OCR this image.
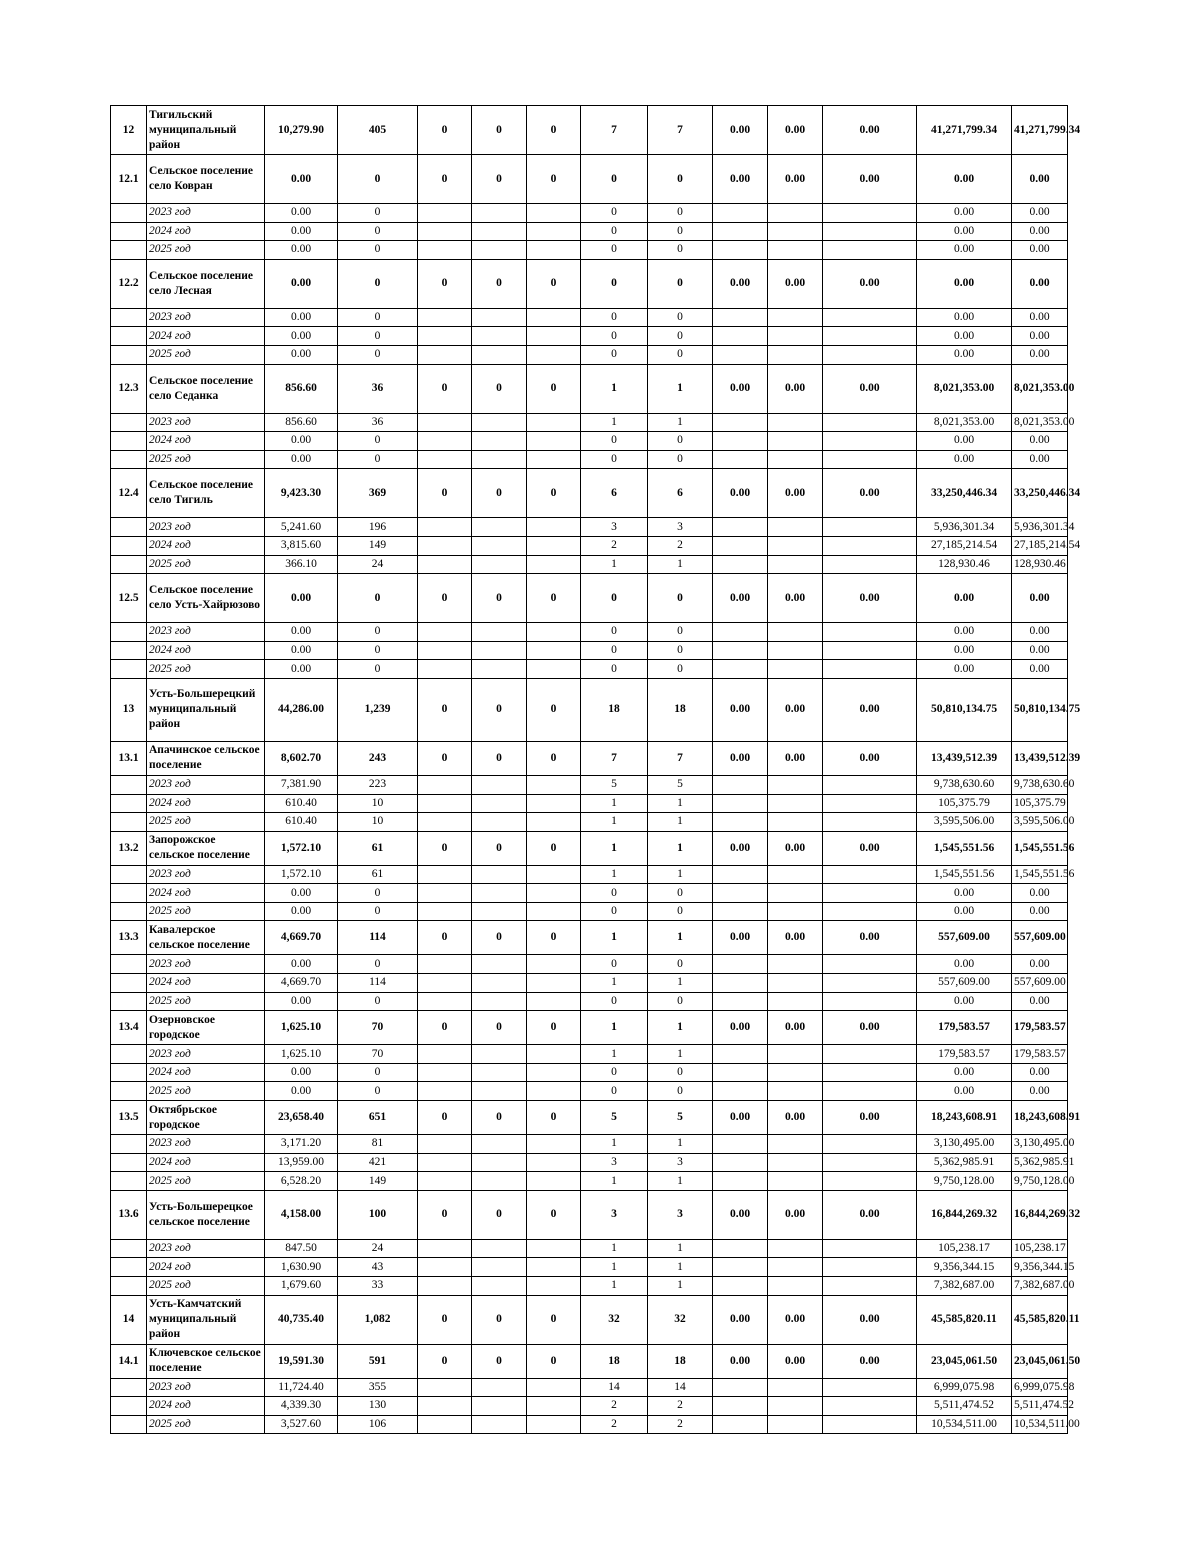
12	Тигильский муниципальный район	10,279.90	405	0	0	0	7	7	0.00	0.00	0.00	41,271,799.34	41,271,799.34
12.1	Сельское поселение село Ковран	0.00	0	0	0	0	0	0	0.00	0.00	0.00	0.00	0.00
	2023 год	0.00	0				0	0				0.00	0.00
	2024 год	0.00	0				0	0				0.00	0.00
	2025 год	0.00	0				0	0				0.00	0.00
12.2	Сельское поселение село Лесная	0.00	0	0	0	0	0	0	0.00	0.00	0.00	0.00	0.00
	2023 год	0.00	0				0	0				0.00	0.00
	2024 год	0.00	0				0	0				0.00	0.00
	2025 год	0.00	0				0	0				0.00	0.00
12.3	Сельское поселение село Седанка	856.60	36	0	0	0	1	1	0.00	0.00	0.00	8,021,353.00	8,021,353.00
	2023 год	856.60	36				1	1				8,021,353.00	8,021,353.00
	2024 год	0.00	0				0	0				0.00	0.00
	2025 год	0.00	0				0	0				0.00	0.00
12.4	Сельское поселение село Тигиль	9,423.30	369	0	0	0	6	6	0.00	0.00	0.00	33,250,446.34	33,250,446.34
	2023 год	5,241.60	196				3	3				5,936,301.34	5,936,301.34
	2024 год	3,815.60	149				2	2				27,185,214.54	27,185,214.54
	2025 год	366.10	24				1	1				128,930.46	128,930.46
12.5	Сельское поселение село Усть-Хайрюзово	0.00	0	0	0	0	0	0	0.00	0.00	0.00	0.00	0.00
	2023 год	0.00	0				0	0				0.00	0.00
	2024 год	0.00	0				0	0				0.00	0.00
	2025 год	0.00	0				0	0				0.00	0.00
13	Усть-Большерецкий муниципальный район	44,286.00	1,239	0	0	0	18	18	0.00	0.00	0.00	50,810,134.75	50,810,134.75
13.1	Апачинское сельское поселение	8,602.70	243	0	0	0	7	7	0.00	0.00	0.00	13,439,512.39	13,439,512.39
	2023 год	7,381.90	223				5	5				9,738,630.60	9,738,630.60
	2024 год	610.40	10				1	1				105,375.79	105,375.79
	2025 год	610.40	10				1	1				3,595,506.00	3,595,506.00
13.2	Запорожское сельское поселение	1,572.10	61	0	0	0	1	1	0.00	0.00	0.00	1,545,551.56	1,545,551.56
	2023 год	1,572.10	61				1	1				1,545,551.56	1,545,551.56
	2024 год	0.00	0				0	0				0.00	0.00
	2025 год	0.00	0				0	0				0.00	0.00
13.3	Кавалерское сельское поселение	4,669.70	114	0	0	0	1	1	0.00	0.00	0.00	557,609.00	557,609.00
	2023 год	0.00	0				0	0				0.00	0.00
	2024 год	4,669.70	114				1	1				557,609.00	557,609.00
	2025 год	0.00	0				0	0				0.00	0.00
13.4	Озерновское городское	1,625.10	70	0	0	0	1	1	0.00	0.00	0.00	179,583.57	179,583.57
	2023 год	1,625.10	70				1	1				179,583.57	179,583.57
	2024 год	0.00	0				0	0				0.00	0.00
	2025 год	0.00	0				0	0				0.00	0.00
13.5	Октябрьское городское	23,658.40	651	0	0	0	5	5	0.00	0.00	0.00	18,243,608.91	18,243,608.91
	2023 год	3,171.20	81				1	1				3,130,495.00	3,130,495.00
	2024 год	13,959.00	421				3	3				5,362,985.91	5,362,985.91
	2025 год	6,528.20	149				1	1				9,750,128.00	9,750,128.00
13.6	Усть-Большерецкое сельское поселение	4,158.00	100	0	0	0	3	3	0.00	0.00	0.00	16,844,269.32	16,844,269.32
	2023 год	847.50	24				1	1				105,238.17	105,238.17
	2024 год	1,630.90	43				1	1				9,356,344.15	9,356,344.15
	2025 год	1,679.60	33				1	1				7,382,687.00	7,382,687.00
14	Усть-Камчатский муниципальный район	40,735.40	1,082	0	0	0	32	32	0.00	0.00	0.00	45,585,820.11	45,585,820.11
14.1	Ключевское сельское поселение	19,591.30	591	0	0	0	18	18	0.00	0.00	0.00	23,045,061.50	23,045,061.50
	2023 год	11,724.40	355				14	14				6,999,075.98	6,999,075.98
	2024 год	4,339.30	130				2	2				5,511,474.52	5,511,474.52
	2025 год	3,527.60	106				2	2				10,534,511.00	10,534,511.00
